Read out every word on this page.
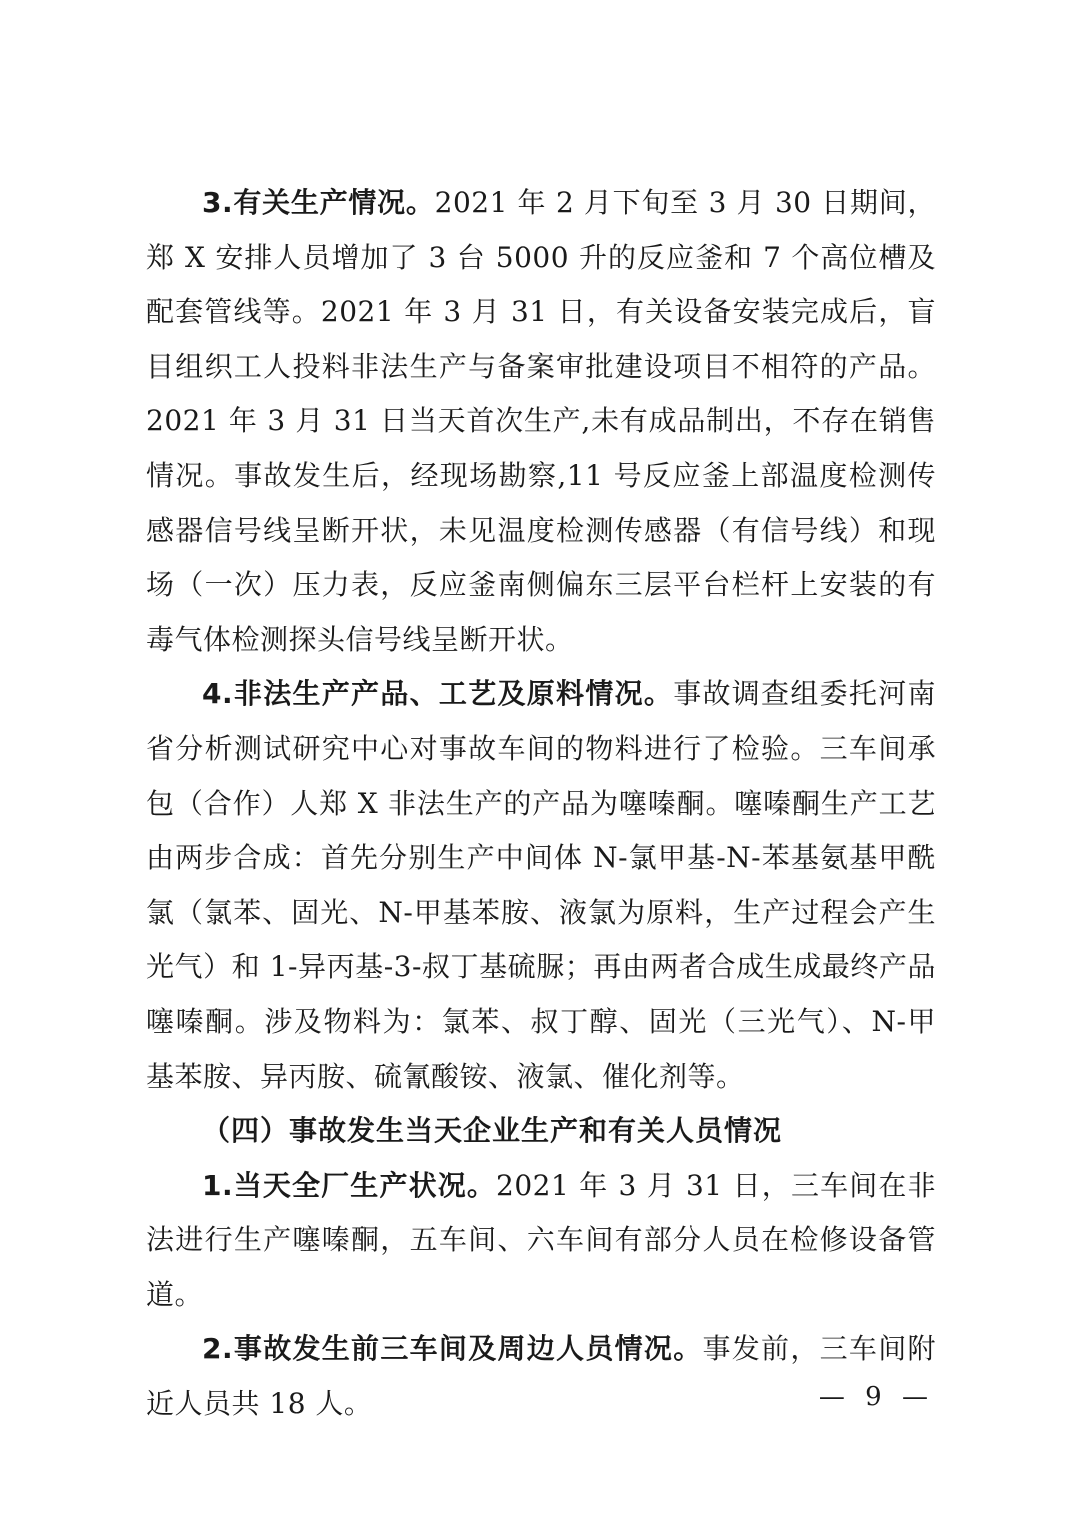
3.有关生产情况。2021 年 2 月下旬至 3 月 30 日期间，郑 X 安排人员增加了 3 台 5000 升的反应釜和 7 个高位槽及配套管线等。2021 年 3 月 31 日，有关设备安装完成后，盲目组织工人投料非法生产与备案审批建设项目不相符的产品。2021 年 3 月 31 日当天首次生产,未有成品制出，不存在销售情况。事故发生后，经现场勘察,11 号反应釜上部温度检测传感器信号线呈断开状，未见温度检测传感器（有信号线）和现场（一次）压力表，反应釜南侧偏东三层平台栏杆上安装的有毒气体检测探头信号线呈断开状。

4.非法生产产品、工艺及原料情况。事故调查组委托河南省分析测试研究中心对事故车间的物料进行了检验。三车间承包（合作）人郑 X 非法生产的产品为噻嗪酮。噻嗪酮生产工艺由两步合成：首先分别生产中间体 N-氯甲基-N-苯基氨基甲酰氯（氯苯、固光、N-甲基苯胺、液氯为原料，生产过程会产生光气）和 1-异丙基-3-叔丁基硫脲；再由两者合成生成最终产品噻嗪酮。涉及物料为：氯苯、叔丁醇、固光（三光气）、N-甲基苯胺、异丙胺、硫氰酸铵、液氯、催化剂等。

（四）事故发生当天企业生产和有关人员情况

1.当天全厂生产状况。2021 年 3 月 31 日，三车间在非法进行生产噻嗪酮，五车间、六车间有部分人员在检修设备管道。

2.事故发生前三车间及周边人员情况。事发前，三车间附近人员共 18 人。	— 9 —
